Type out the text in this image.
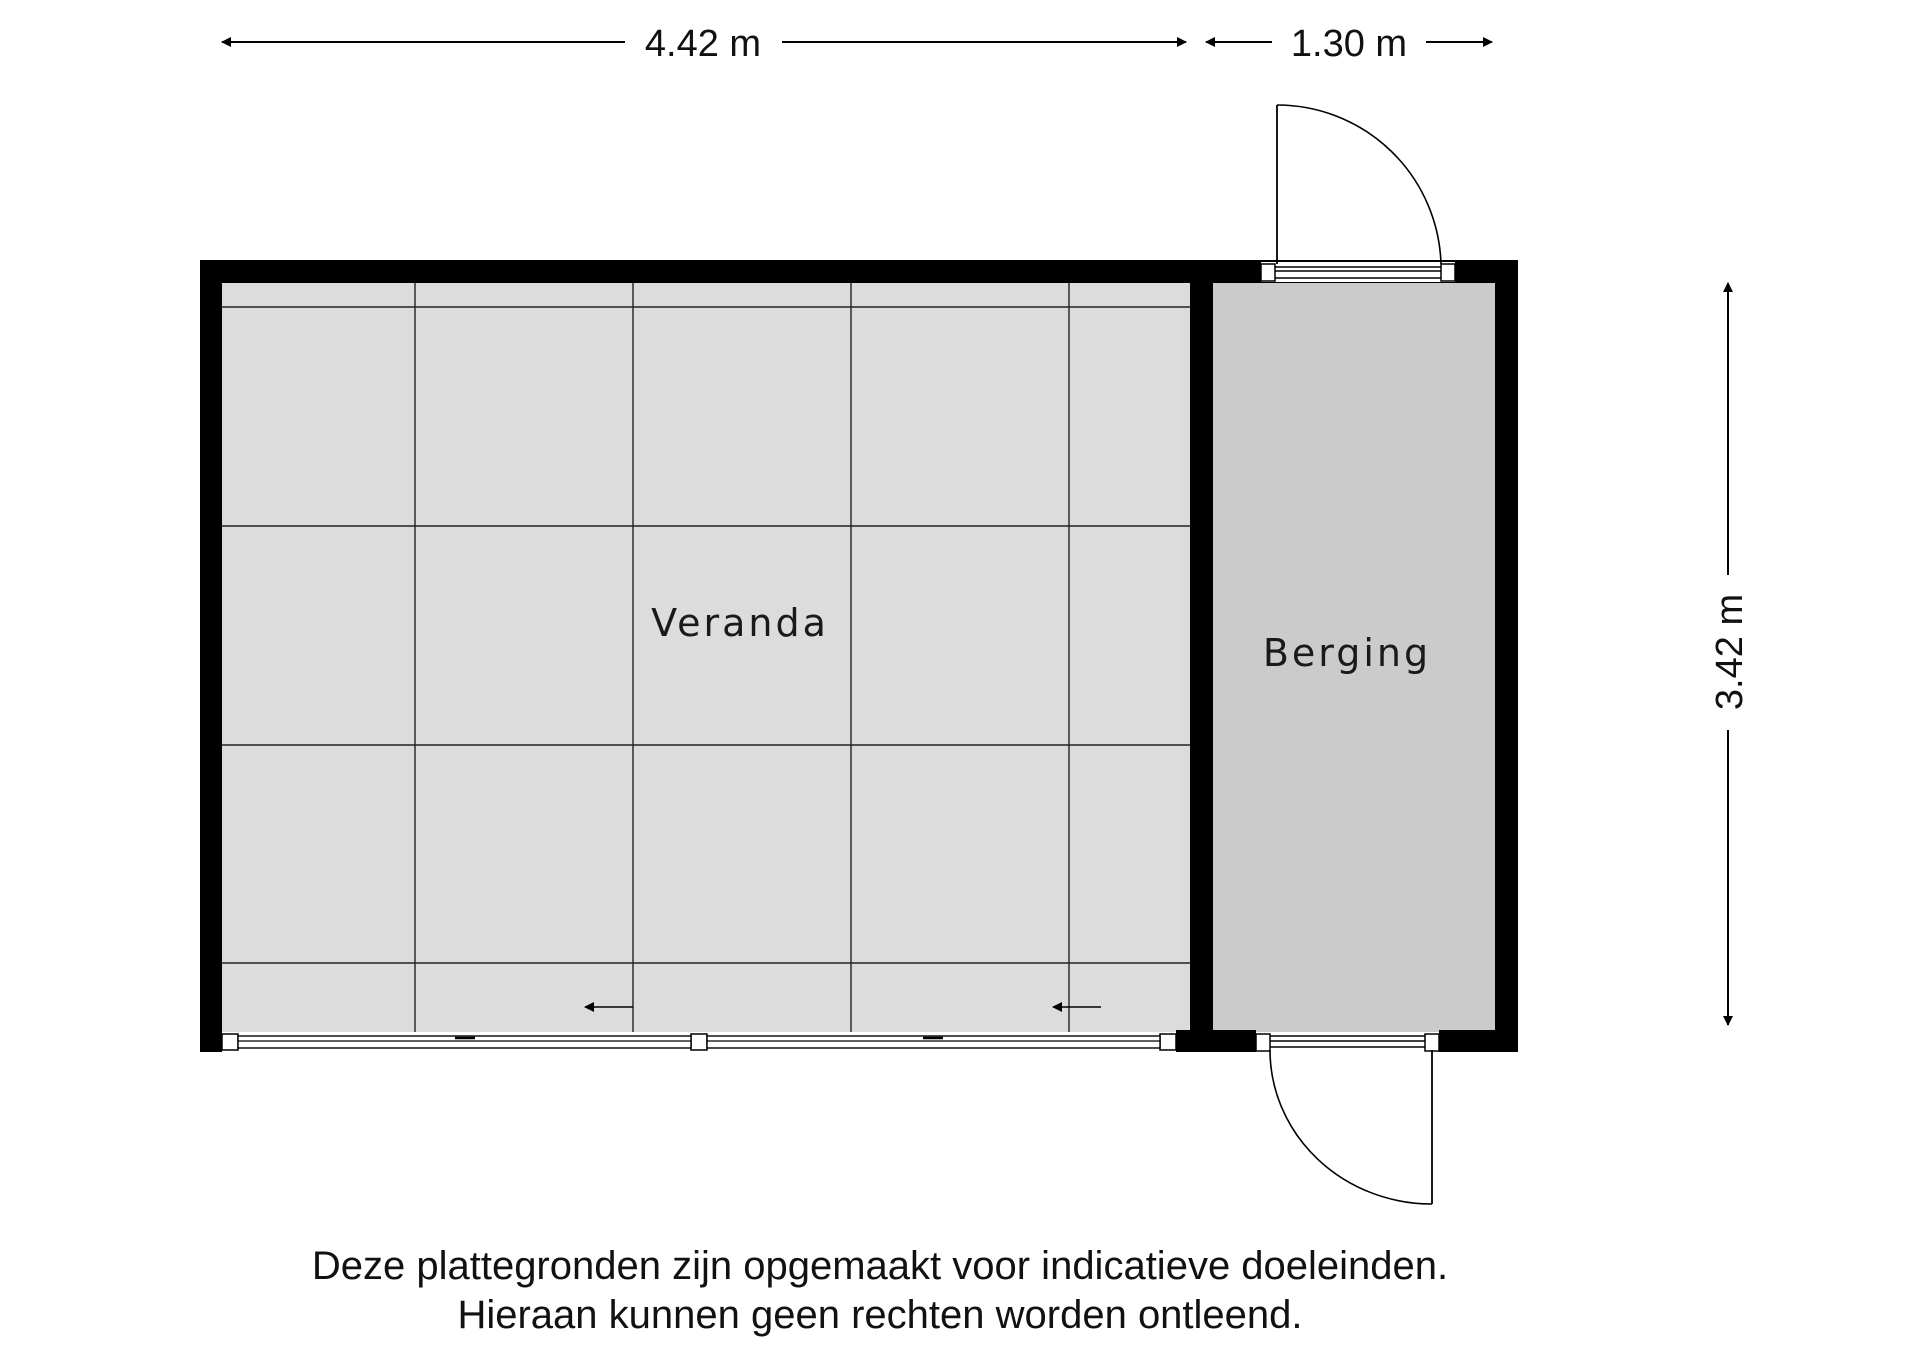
4.42 m	1.30 m
3.42 m
Veranda
Berging
Deze plattegronden zijn opgemaakt voor indicatieve doeleinden.
Hieraan kunnen geen rechten worden ontleend.
